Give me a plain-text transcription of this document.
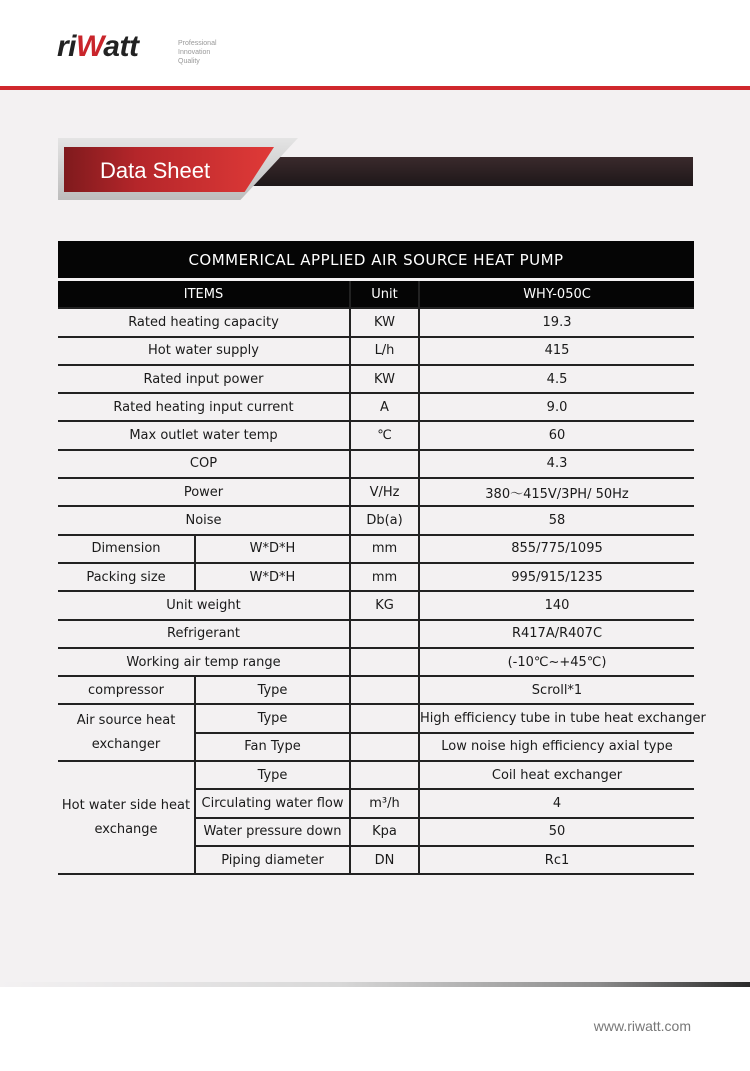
riWatt	Professional
Innovation
Quality
Data Sheet
COMMERICAL APPLIED AIR SOURCE HEAT PUMP			
ITEMS		Unit	WHY-050C
Rated heating capacity		KW	19.3
Hot water supply		L/h	415
Rated input power		KW	4.5
Rated heating input current		A	9.0
Max outlet water temp		℃	60
COP			4.3
Power		V/Hz	380～415V/3PH/ 50Hz
Noise		Db(a)	58
Dimension	W*D*H	mm	855/775/1095
Packing size	W*D*H	mm	995/915/1235
Unit weight		KG	140
Refrigerant			R417A/R407C
Working air temp range			(-10℃~+45℃)
compressor	Type		Scroll*1
Air source heat exchanger	Type		High efficiency tube in tube heat exchanger
	Fan Type		Low noise high efficiency axial type
Hot water side heat exchange	Type		Coil heat exchanger
	Circulating water flow	m³/h	4
	Water pressure down	Kpa	50
	Piping diameter	DN	Rc1
www.riwatt.com
